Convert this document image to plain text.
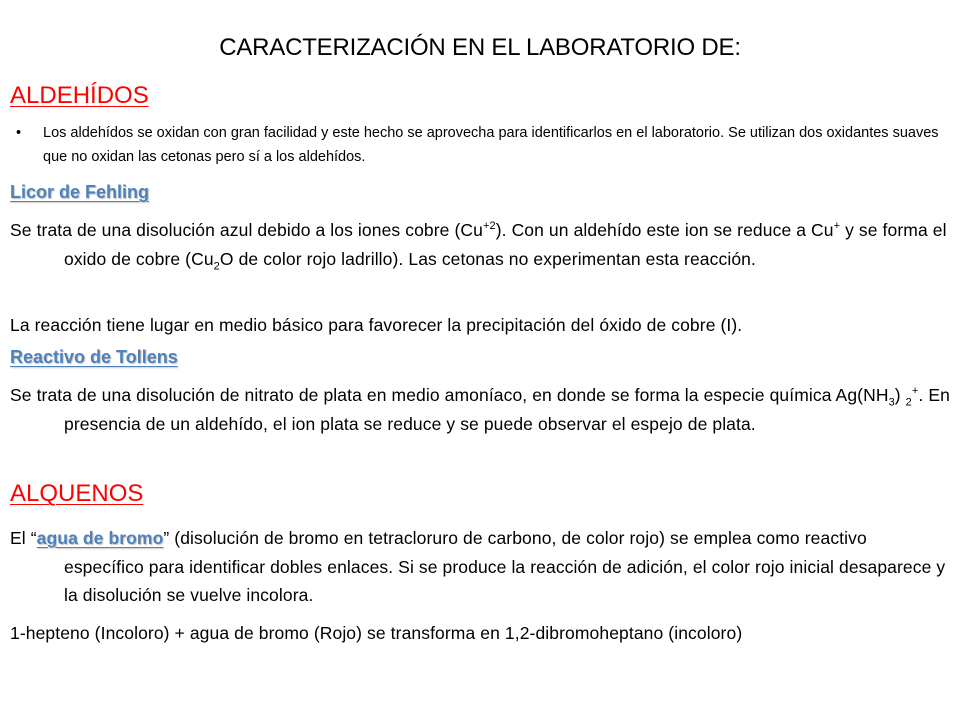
CARACTERIZACIÓN EN EL LABORATORIO DE:
ALDEHÍDOS
• Los aldehídos se oxidan con gran facilidad y este hecho se aprovecha para identificarlos en el laboratorio. Se utilizan dos oxidantes suaves que no oxidan las cetonas pero sí a los aldehídos.
Licor de Fehling
Se trata de una disolución azul debido a los iones cobre $(Cu^{+2})$. Con un aldehído este ion se reduce a Cu+ y se forma el oxido de cobre ($Cu_2O$ de color rojo ladrillo). Las cetonas no experimentan esta reacción.
La reacción tiene lugar en medio básico para favorecer la precipitación del óxido de cobre (I).
Reactivo de Tollens
Se trata de una disolución de nitrato de plata en medio amoníaco, en donde se forma la especie química $Ag(NH_3)$ $_2$+. En presencia de un aldehído, el ion plata se reduce y se puede observar el espejo de plata.
ALQUENOS
El “agua de bromo” (disolución de bromo en tetracloruro de carbono, de color rojo) se emplea como reactivo específico para identificar dobles enlaces. Si se produce la reacción de adición, el color rojo inicial desaparece y la disolución se vuelve incolora.
1-hepteno (Incoloro) + agua de bromo (Rojo) se transforma en 1,2-dibromoheptano (incoloro)
